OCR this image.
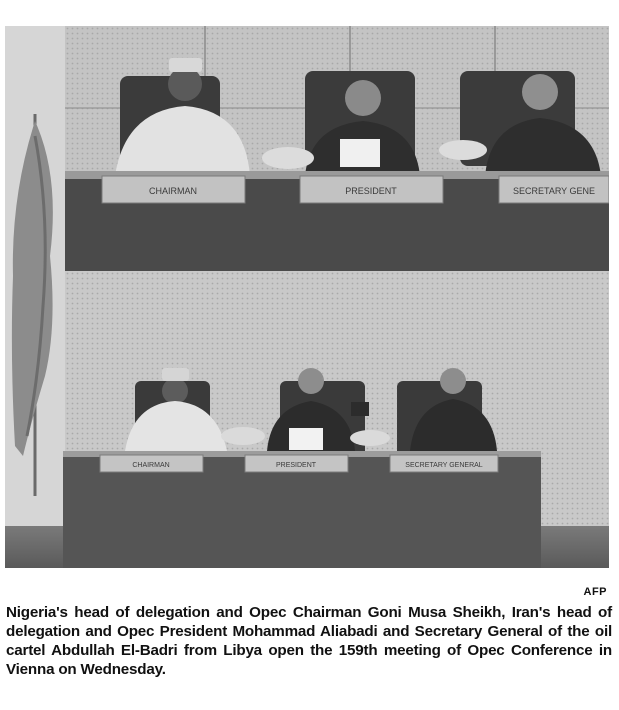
CHAIRMAN	PRESIDENT	SECRETARY GENE
CHAIRMAN	PRESIDENT	SECRETARY GENERAL
AFP

Nigeria's head of delegation and Opec Chairman Goni Musa Sheikh, Iran's head of delegation and Opec President Mohammad Aliabadi and Secretary General of the oil cartel Abdullah El-Badri from Libya open the 159th meeting of Opec Conference in Vienna on Wednesday.
